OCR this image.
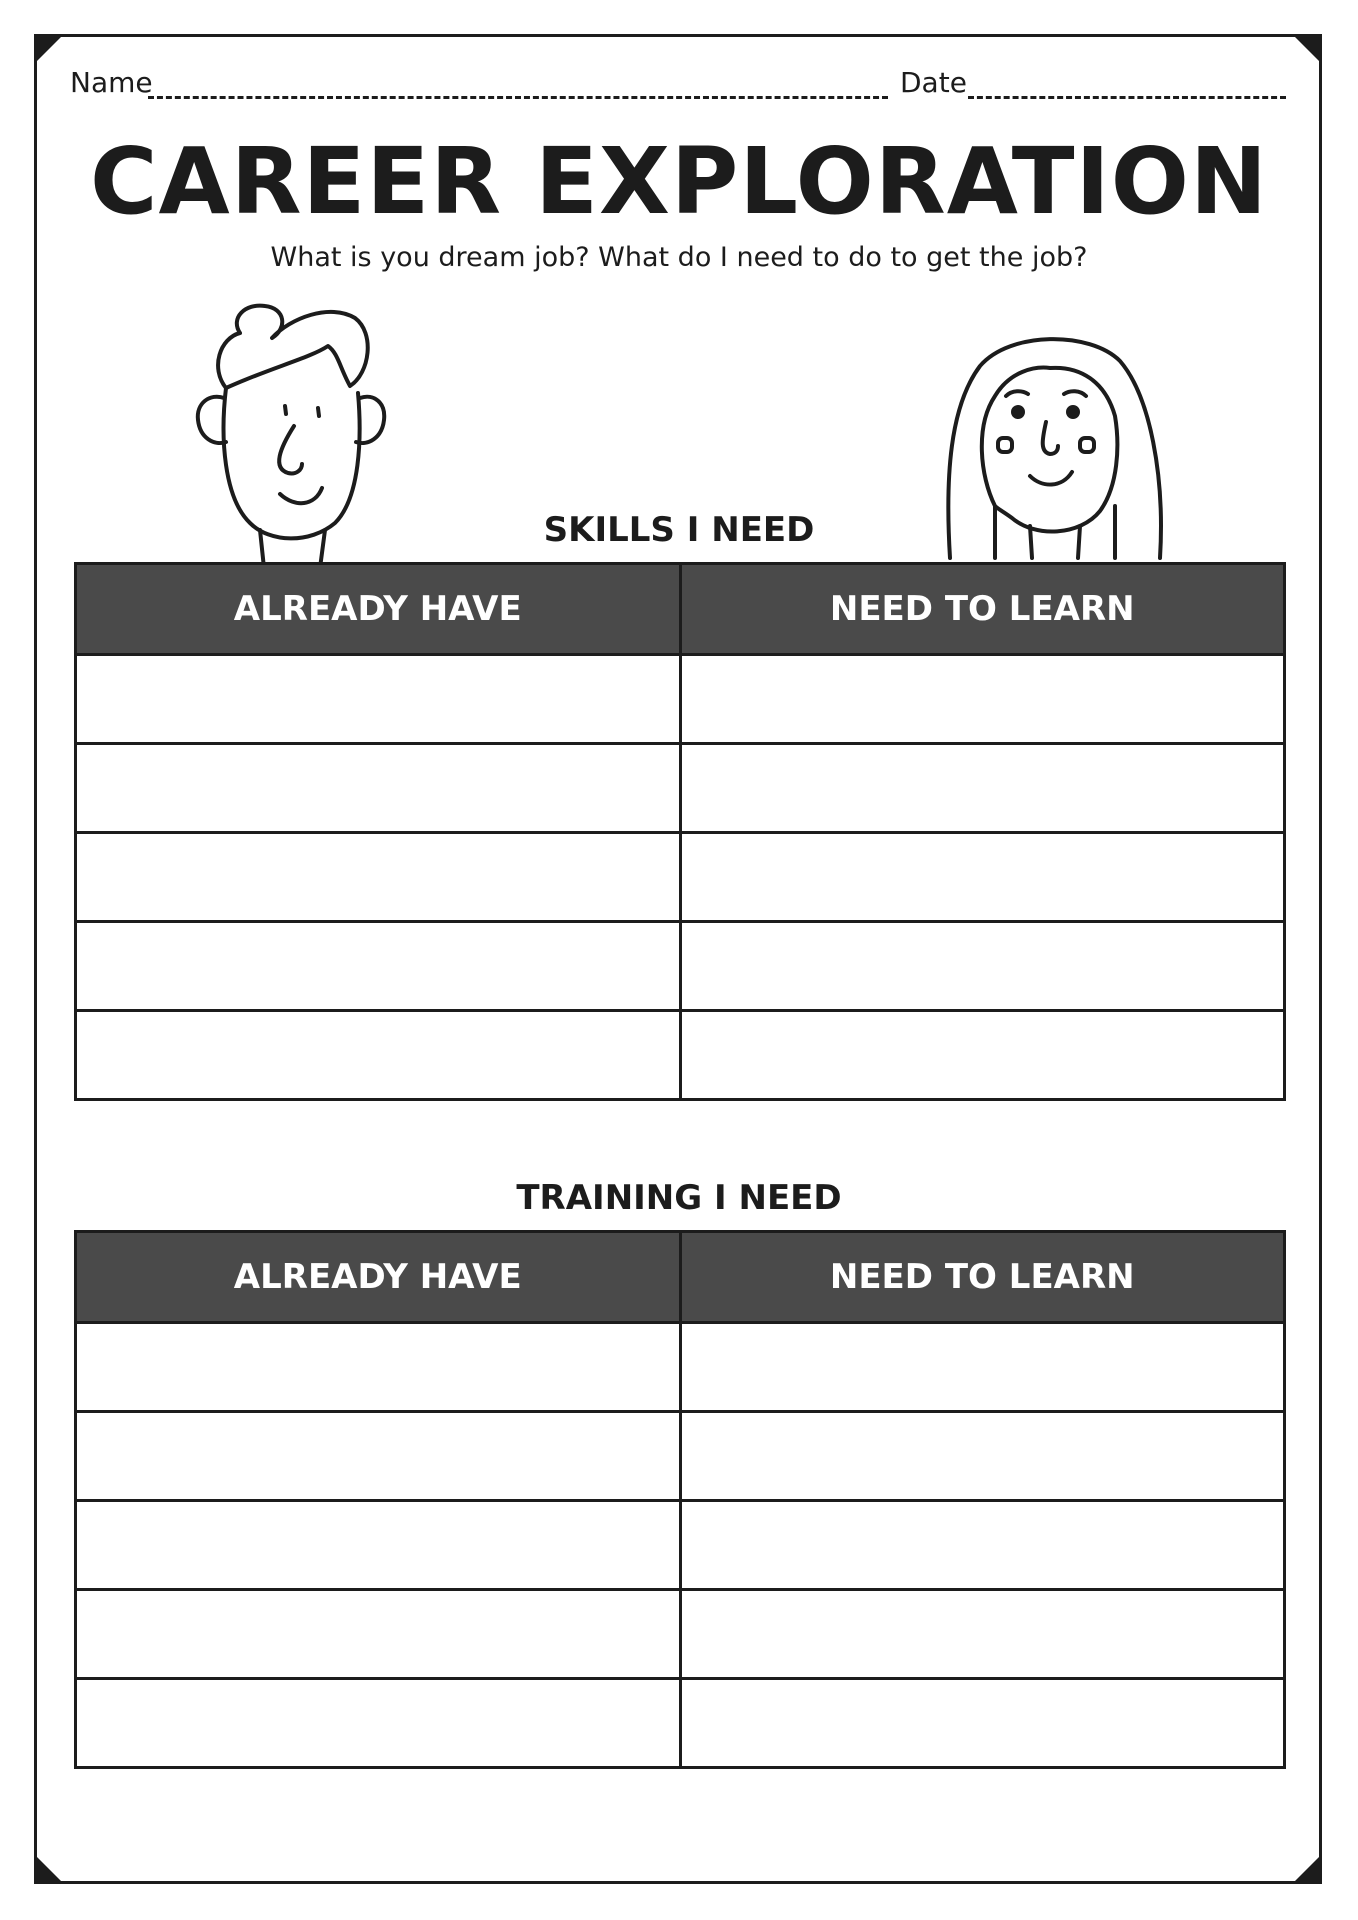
Name	Date
CAREER EXPLORATION
What is you dream job? What do I need to do to get the job?
SKILLS I NEED
ALREADY HAVE	NEED TO LEARN
TRAINING I NEED
ALREADY HAVE	NEED TO LEARN
